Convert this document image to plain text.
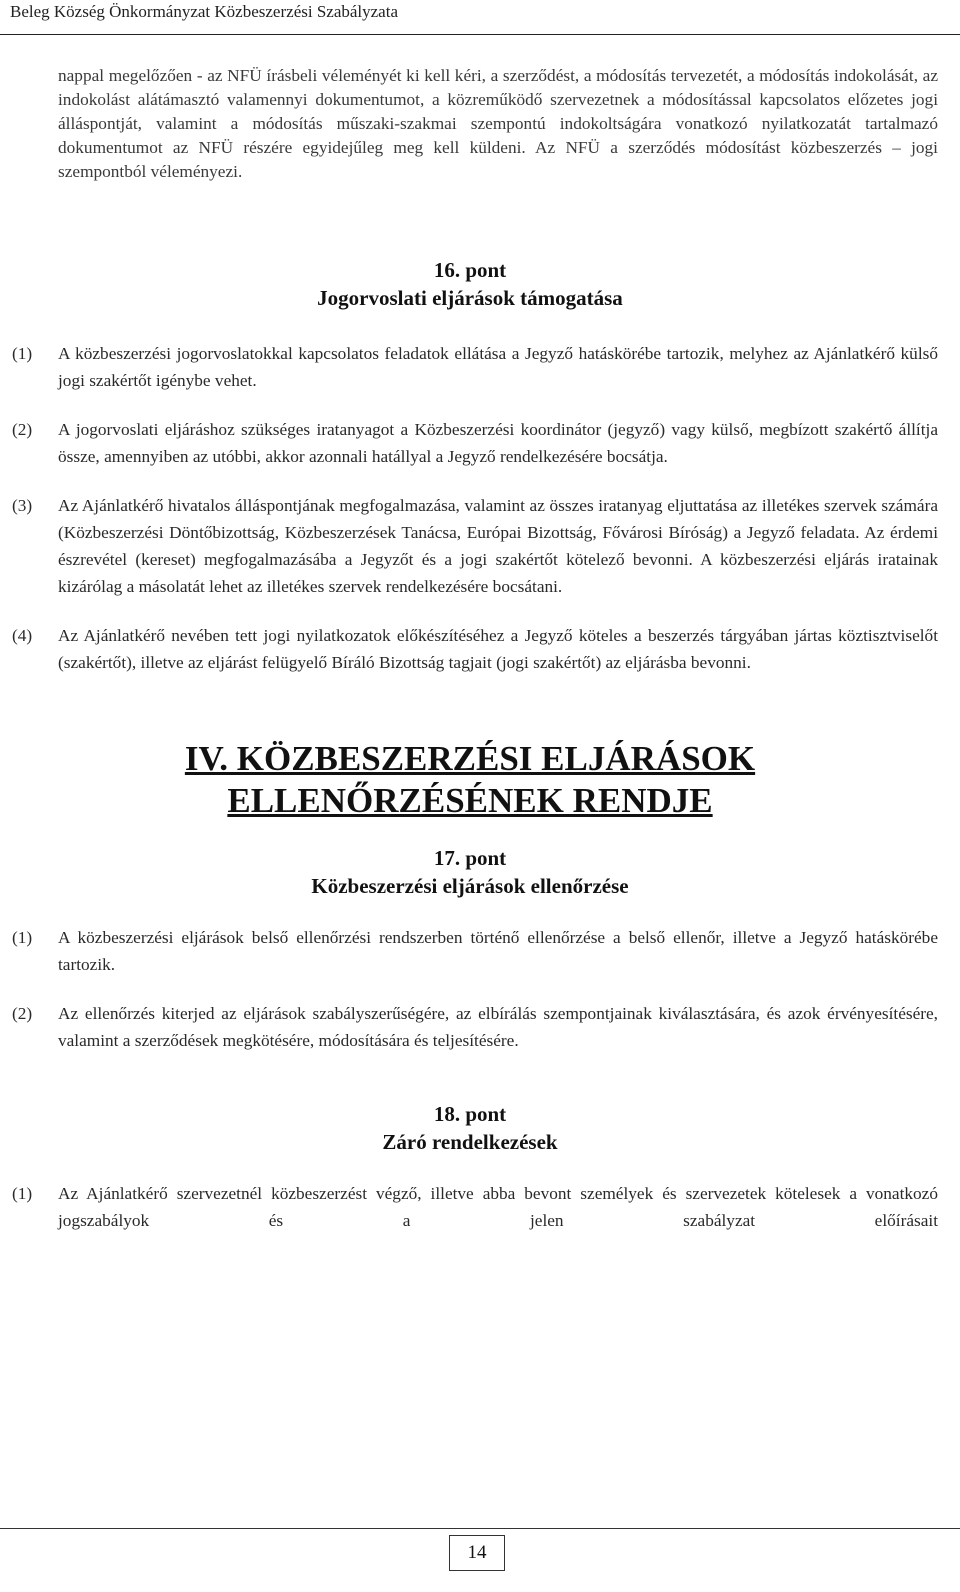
Beleg Község Önkormányzat Közbeszerzési Szabályzata

nappal megelőzően - az NFÜ írásbeli véleményét ki kell kéri, a szerződést, a módosítás tervezetét, a módosítás indokolását, az indokolást alátámasztó valamennyi dokumentumot, a közreműködő szervezetnek a módosítással kapcsolatos előzetes jogi álláspontját, valamint a módosítás műszaki-szakmai szempontú indokoltságára vonatkozó nyilatkozatát tartalmazó dokumentumot az NFÜ részére egyidejűleg meg kell küldeni. Az NFÜ a szerződés módosítást közbeszerzés – jogi szempontból véleményezi.

16. pont

Jogorvoslati eljárások támogatása

(1) A közbeszerzési jogorvoslatokkal kapcsolatos feladatok ellátása a Jegyző hatáskörébe tartozik, melyhez az Ajánlatkérő külső jogi szakértőt igénybe vehet.

(2) A jogorvoslati eljáráshoz szükséges iratanyagot a Közbeszerzési koordinátor (jegyző) vagy külső, megbízott szakértő állítja össze, amennyiben az utóbbi, akkor azonnali hatállyal a Jegyző rendelkezésére bocsátja.

(3) Az Ajánlatkérő hivatalos álláspontjának megfogalmazása, valamint az összes iratanyag eljuttatása az illetékes szervek számára (Közbeszerzési Döntőbizottság, Közbeszerzések Tanácsa, Európai Bizottság, Fővárosi Bíróság) a Jegyző feladata. Az érdemi észrevétel (kereset) megfogalmazásába a Jegyzőt és a jogi szakértőt kötelező bevonni. A közbeszerzési eljárás iratainak kizárólag a másolatát lehet az illetékes szervek rendelkezésére bocsátani.

(4) Az Ajánlatkérő nevében tett jogi nyilatkozatok előkészítéséhez a Jegyző köteles a beszerzés tárgyában jártas köztisztviselőt (szakértőt), illetve az eljárást felügyelő Bíráló Bizottság tagjait (jogi szakértőt) az eljárásba bevonni.

IV. KÖZBESZERZÉSI ELJÁRÁSOK

ELLENŐRZÉSÉNEK RENDJE

17. pont

Közbeszerzési eljárások ellenőrzése

(1) A közbeszerzési eljárások belső ellenőrzési rendszerben történő ellenőrzése a belső ellenőr, illetve a Jegyző hatáskörébe tartozik.

(2) Az ellenőrzés kiterjed az eljárások szabályszerűségére, az elbírálás szempontjainak kiválasztására, és azok érvényesítésére, valamint a szerződések megkötésére, módosítására és teljesítésére.

18. pont

Záró rendelkezések

(1) Az Ajánlatkérő szervezetnél közbeszerzést végző, illetve abba bevont személyek és szervezetek kötelesek a vonatkozó jogszabályok és a jelen szabályzat előírásait

14
